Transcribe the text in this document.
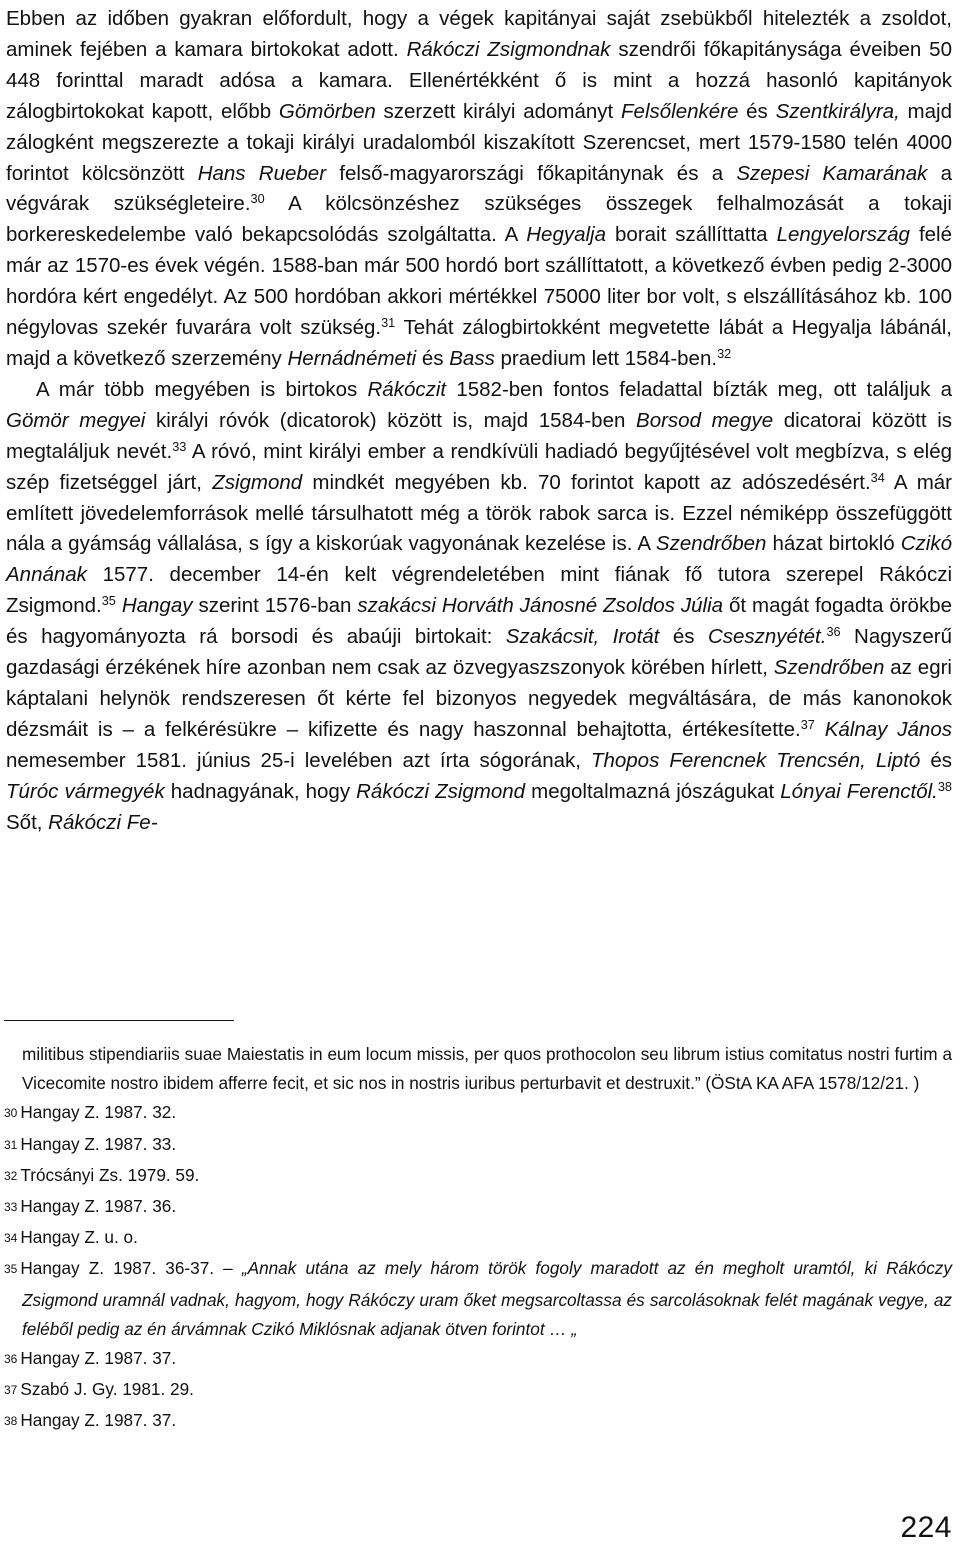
Ebben az időben gyakran előfordult, hogy a végek kapitányai saját zsebükből hitelezték a zsoldot, aminek fejében a kamara birtokokat adott. Rákóczi Zsigmondnak szendrői főkapitánysága éveiben 50 448 forinttal maradt adósa a kamara. Ellenértékként ő is mint a hozzá hasonló kapitányok zálogbirtokokat kapott, előbb Gömörben szerzett királyi adományt Felsőlenkére és Szentkirályra, majd zálogként megszerezte a tokaji királyi uradalomból kiszakított Szerencset, mert 1579-1580 telén 4000 forintot kölcsönzött Hans Rueber felső-magyarországi főkapitánynak és a Szepesi Kamarának a végvárak szükségleteire.$^{30}$ A kölcsönzéshez szükséges összegek felhalmozását a tokaji borkereskedelembe való bekapcsolódás szolgáltatta. A Hegyalja borait szállíttatta Lengyelország felé már az 1570-es évek végén. 1588-ban már 500 hordó bort szállíttatott, a következő évben pedig 2-3000 hordóra kért engedélyt. Az 500 hordóban akkori mértékkel 75000 liter bor volt, s elszállításához kb. 100 négylovas szekér fuvarára volt szükség.$^{31}$ Tehát zálogbirtokként megvetette lábát a Hegyalja lábánál, majd a következő szerzemény Hernádnémeti és Bass praedium lett 1584-ben.$^{32}$

A már több megyében is birtokos Rákóczit 1582-ben fontos feladattal bízták meg, ott találjuk a Gömör megyei királyi róvók (dicatorok) között is, majd 1584-ben Borsod megye dicatorai között is megtaláljuk nevét.$^{33}$ A róvó, mint királyi ember a rendkívüli hadiadó begyűjtésével volt megbízva, s elég szép fizetséggel járt, Zsigmond mindkét megyében kb. 70 forintot kapott az adószedésért.$^{34}$ A már említett jövedelemforrások mellé társulhatott még a török rabok sarca is. Ezzel némiképp összefüggött nála a gyámság vállalása, s így a kiskorúak vagyonának kezelése is. A Szendrőben házat birtokló Czikó Annának 1577. december 14-én kelt végrendeletében mint fiának fő tutora szerepel Rákóczi Zsigmond.$^{35}$ Hangay szerint 1576-ban szakácsi Horváth Jánosné Zsoldos Júlia őt magát fogadta örökbe és hagyományozta rá borsodi és abaúji birtokait: Szakácsit, Irotát és Csesznyétét.$^{36}$ Nagyszerű gazdasági érzékének híre azonban nem csak az özvegyaszszonyok körében hírlett, Szendrőben az egri káptalani helynök rendszeresen őt kérte fel bizonyos negyedek megváltására, de más kanonokok dézsmáit is – a felkérésükre – kifizette és nagy haszonnal behajtotta, értékesítette.$^{37}$ Kálnay János nemesember 1581. június 25-i levelében azt írta sógorának, Thopos Ferencnek Trencsén, Liptó és Túróc vármegyék hadnagyának, hogy Rákóczi Zsigmond megoltalmazná jószágukat Lónyai Ferenctől.$^{38}$ Sőt, Rákóczi Fe-

militibus stipendiariis suae Maiestatis in eum locum missis, per quos prothocolon seu librum istius comitatus nostri furtim a Vicecomite nostro ibidem afferre fecit, et sic nos in nostris iuribus perturbavit et destruxit.” (ÖStA KA AFA 1578/12/21. )
30 Hangay Z. 1987. 32.
31 Hangay Z. 1987. 33.
32 Trócsányi Zs. 1979. 59.
33 Hangay Z. 1987. 36.
34 Hangay Z. u. o.
35 Hangay Z. 1987. 36-37. – „Annak utána az mely három török fogoly maradott az én megholt uramtól, ki Rákóczy Zsigmond uramnál vadnak, hagyom, hogy Rákóczy uram őket megsarcoltassa és sarcolásoknak felét magának vegye, az feléből pedig az én árvámnak Czikó Miklósnak adjanak ötven forintot … „
36 Hangay Z. 1987. 37.
37 Szabó J. Gy. 1981. 29.
38 Hangay Z. 1987. 37.
224
